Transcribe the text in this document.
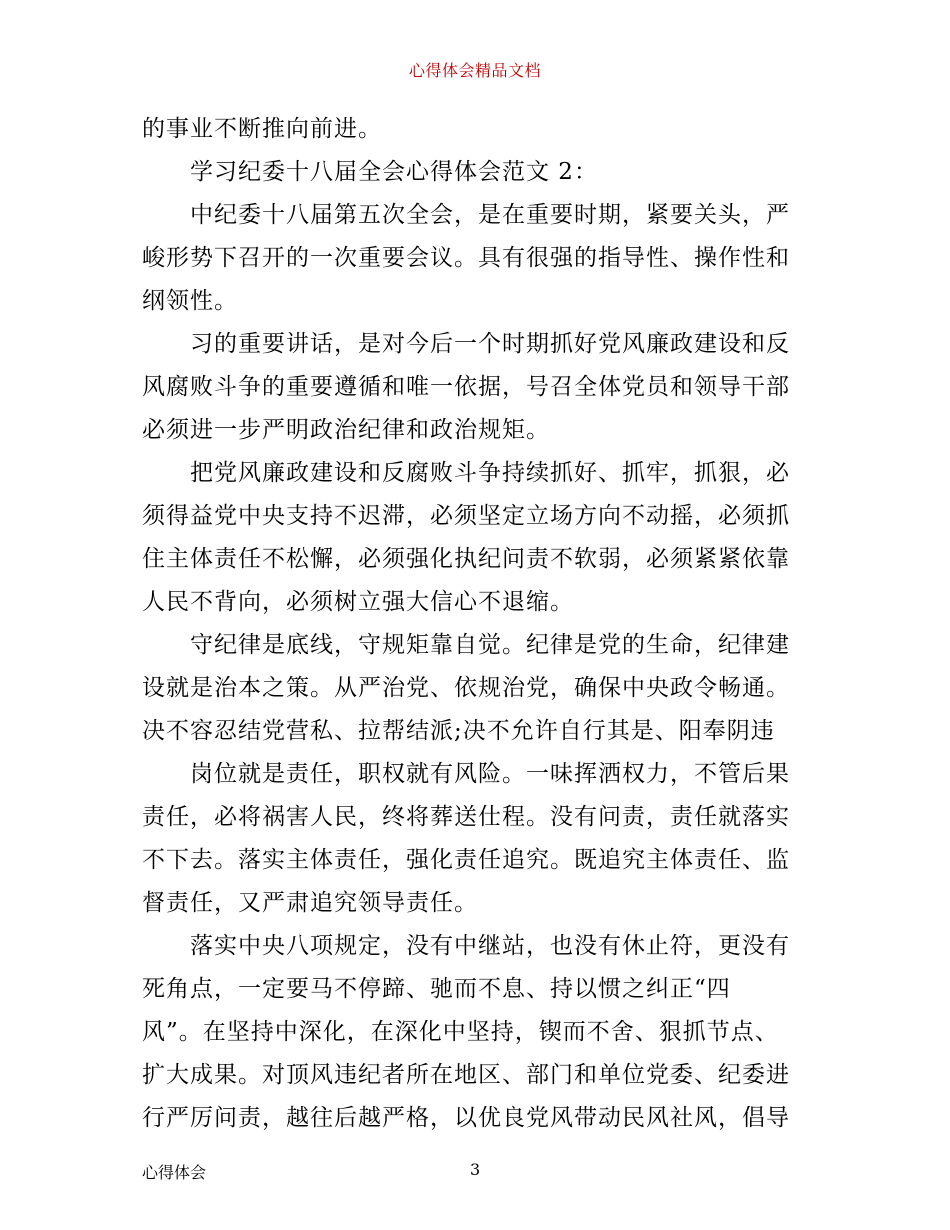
心得体会精品文档
的事业不断推向前进。
学习纪委十八届全会心得体会范文 2：
中纪委十八届第五次全会，是在重要时期，紧要关头，严
峻形势下召开的一次重要会议。具有很强的指导性、操作性和
纲领性。
习的重要讲话，是对今后一个时期抓好党风廉政建设和反
风腐败斗争的重要遵循和唯一依据，号召全体党员和领导干部
必须进一步严明政治纪律和政治规矩。
把党风廉政建设和反腐败斗争持续抓好、抓牢，抓狠，必
须得益党中央支持不迟滞，必须坚定立场方向不动摇，必须抓
住主体责任不松懈，必须强化执纪问责不软弱，必须紧紧依靠
人民不背向，必须树立强大信心不退缩。
守纪律是底线，守规矩靠自觉。纪律是党的生命，纪律建
设就是治本之策。从严治党、依规治党，确保中央政令畅通。
决不容忍结党营私、拉帮结派;决不允许自行其是、阳奉阴违
岗位就是责任，职权就有风险。一味挥洒权力，不管后果
责任，必将祸害人民，终将葬送仕程。没有问责，责任就落实
不下去。落实主体责任，强化责任追究。既追究主体责任、监
督责任，又严肃追究领导责任。
落实中央八项规定，没有中继站，也没有休止符，更没有
死角点，一定要马不停蹄、驰而不息、持以惯之纠正“四
风”。在坚持中深化，在深化中坚持，锲而不舍、狠抓节点、
扩大成果。对顶风违纪者所在地区、部门和单位党委、纪委进
行严厉问责，越往后越严格，以优良党风带动民风社风，倡导
心得体会	3
